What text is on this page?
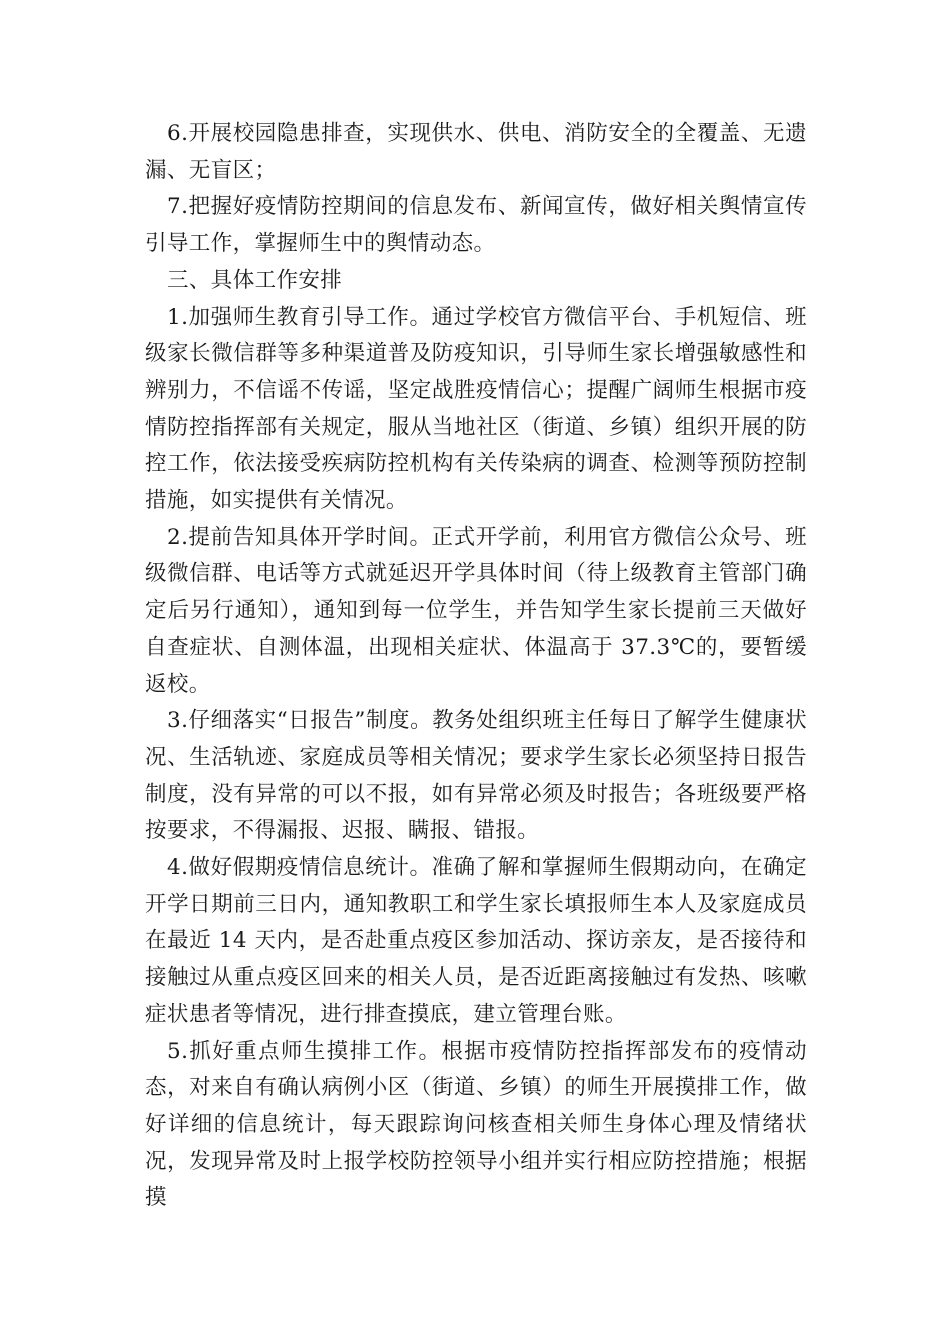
6.开展校园隐患排查，实现供水、供电、消防安全的全覆盖、无遗漏、无盲区；

7.把握好疫情防控期间的信息发布、新闻宣传，做好相关舆情宣传引导工作，掌握师生中的舆情动态。

三、具体工作安排

1.加强师生教育引导工作。通过学校官方微信平台、手机短信、班级家长微信群等多种渠道普及防疫知识，引导师生家长增强敏感性和辨别力，不信谣不传谣，坚定战胜疫情信心；提醒广阔师生根据市疫情防控指挥部有关规定，服从当地社区（街道、乡镇）组织开展的防控工作，依法接受疾病防控机构有关传染病的调查、检测等预防控制措施，如实提供有关情况。

2.提前告知具体开学时间。正式开学前，利用官方微信公众号、班级微信群、电话等方式就延迟开学具体时间（待上级教育主管部门确定后另行通知），通知到每一位学生，并告知学生家长提前三天做好自查症状、自测体温，出现相关症状、体温高于 37.3℃的，要暂缓返校。

3.仔细落实“日报告”制度。教务处组织班主任每日了解学生健康状况、生活轨迹、家庭成员等相关情况；要求学生家长必须坚持日报告制度，没有异常的可以不报，如有异常必须及时报告；各班级要严格按要求，不得漏报、迟报、瞒报、错报。

4.做好假期疫情信息统计。准确了解和掌握师生假期动向，在确定开学日期前三日内，通知教职工和学生家长填报师生本人及家庭成员在最近 14 天内，是否赴重点疫区参加活动、探访亲友，是否接待和接触过从重点疫区回来的相关人员，是否近距离接触过有发热、咳嗽症状患者等情况，进行排查摸底，建立管理台账。

5.抓好重点师生摸排工作。根据市疫情防控指挥部发布的疫情动态，对来自有确认病例小区（街道、乡镇）的师生开展摸排工作，做好详细的信息统计，每天跟踪询问核查相关师生身体心理及情绪状况，发现异常及时上报学校防控领导小组并实行相应防控措施；根据摸
